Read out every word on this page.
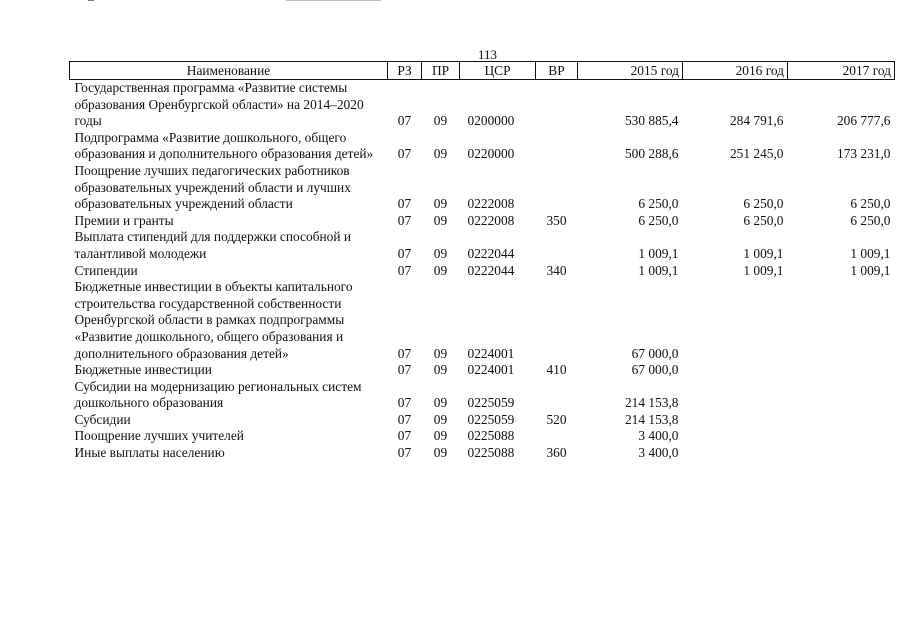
113
Наименование	РЗ	ПР	ЦСР	ВР	2015 год	2016 год	2017 год
Государственная программа «Развитие системы образования Оренбургской области» на 2014–2020 годы	07	09	0200000		530 885,4	284 791,6	206 777,6
Подпрограмма «Развитие дошкольного, общего образования и дополнительного образования детей»	07	09	0220000		500 288,6	251 245,0	173 231,0
Поощрение лучших педагогических работников образовательных учреждений области и лучших образовательных учреждений области	07	09	0222008		6 250,0	6 250,0	6 250,0
Премии и гранты	07	09	0222008	350	6 250,0	6 250,0	6 250,0
Выплата стипендий для поддержки способной и талантливой молодежи	07	09	0222044		1 009,1	1 009,1	1 009,1
Стипендии	07	09	0222044	340	1 009,1	1 009,1	1 009,1
Бюджетные инвестиции в объекты капитального строительства государственной собственности Оренбургской области в рамках подпрограммы «Развитие дошкольного, общего образования и дополнительного образования детей»	07	09	0224001		67 000,0		
Бюджетные инвестиции	07	09	0224001	410	67 000,0		
Субсидии на модернизацию региональных систем дошкольного образования	07	09	0225059		214 153,8		
Субсидии	07	09	0225059	520	214 153,8		
Поощрение лучших учителей	07	09	0225088		3 400,0		
Иные выплаты населению	07	09	0225088	360	3 400,0		
